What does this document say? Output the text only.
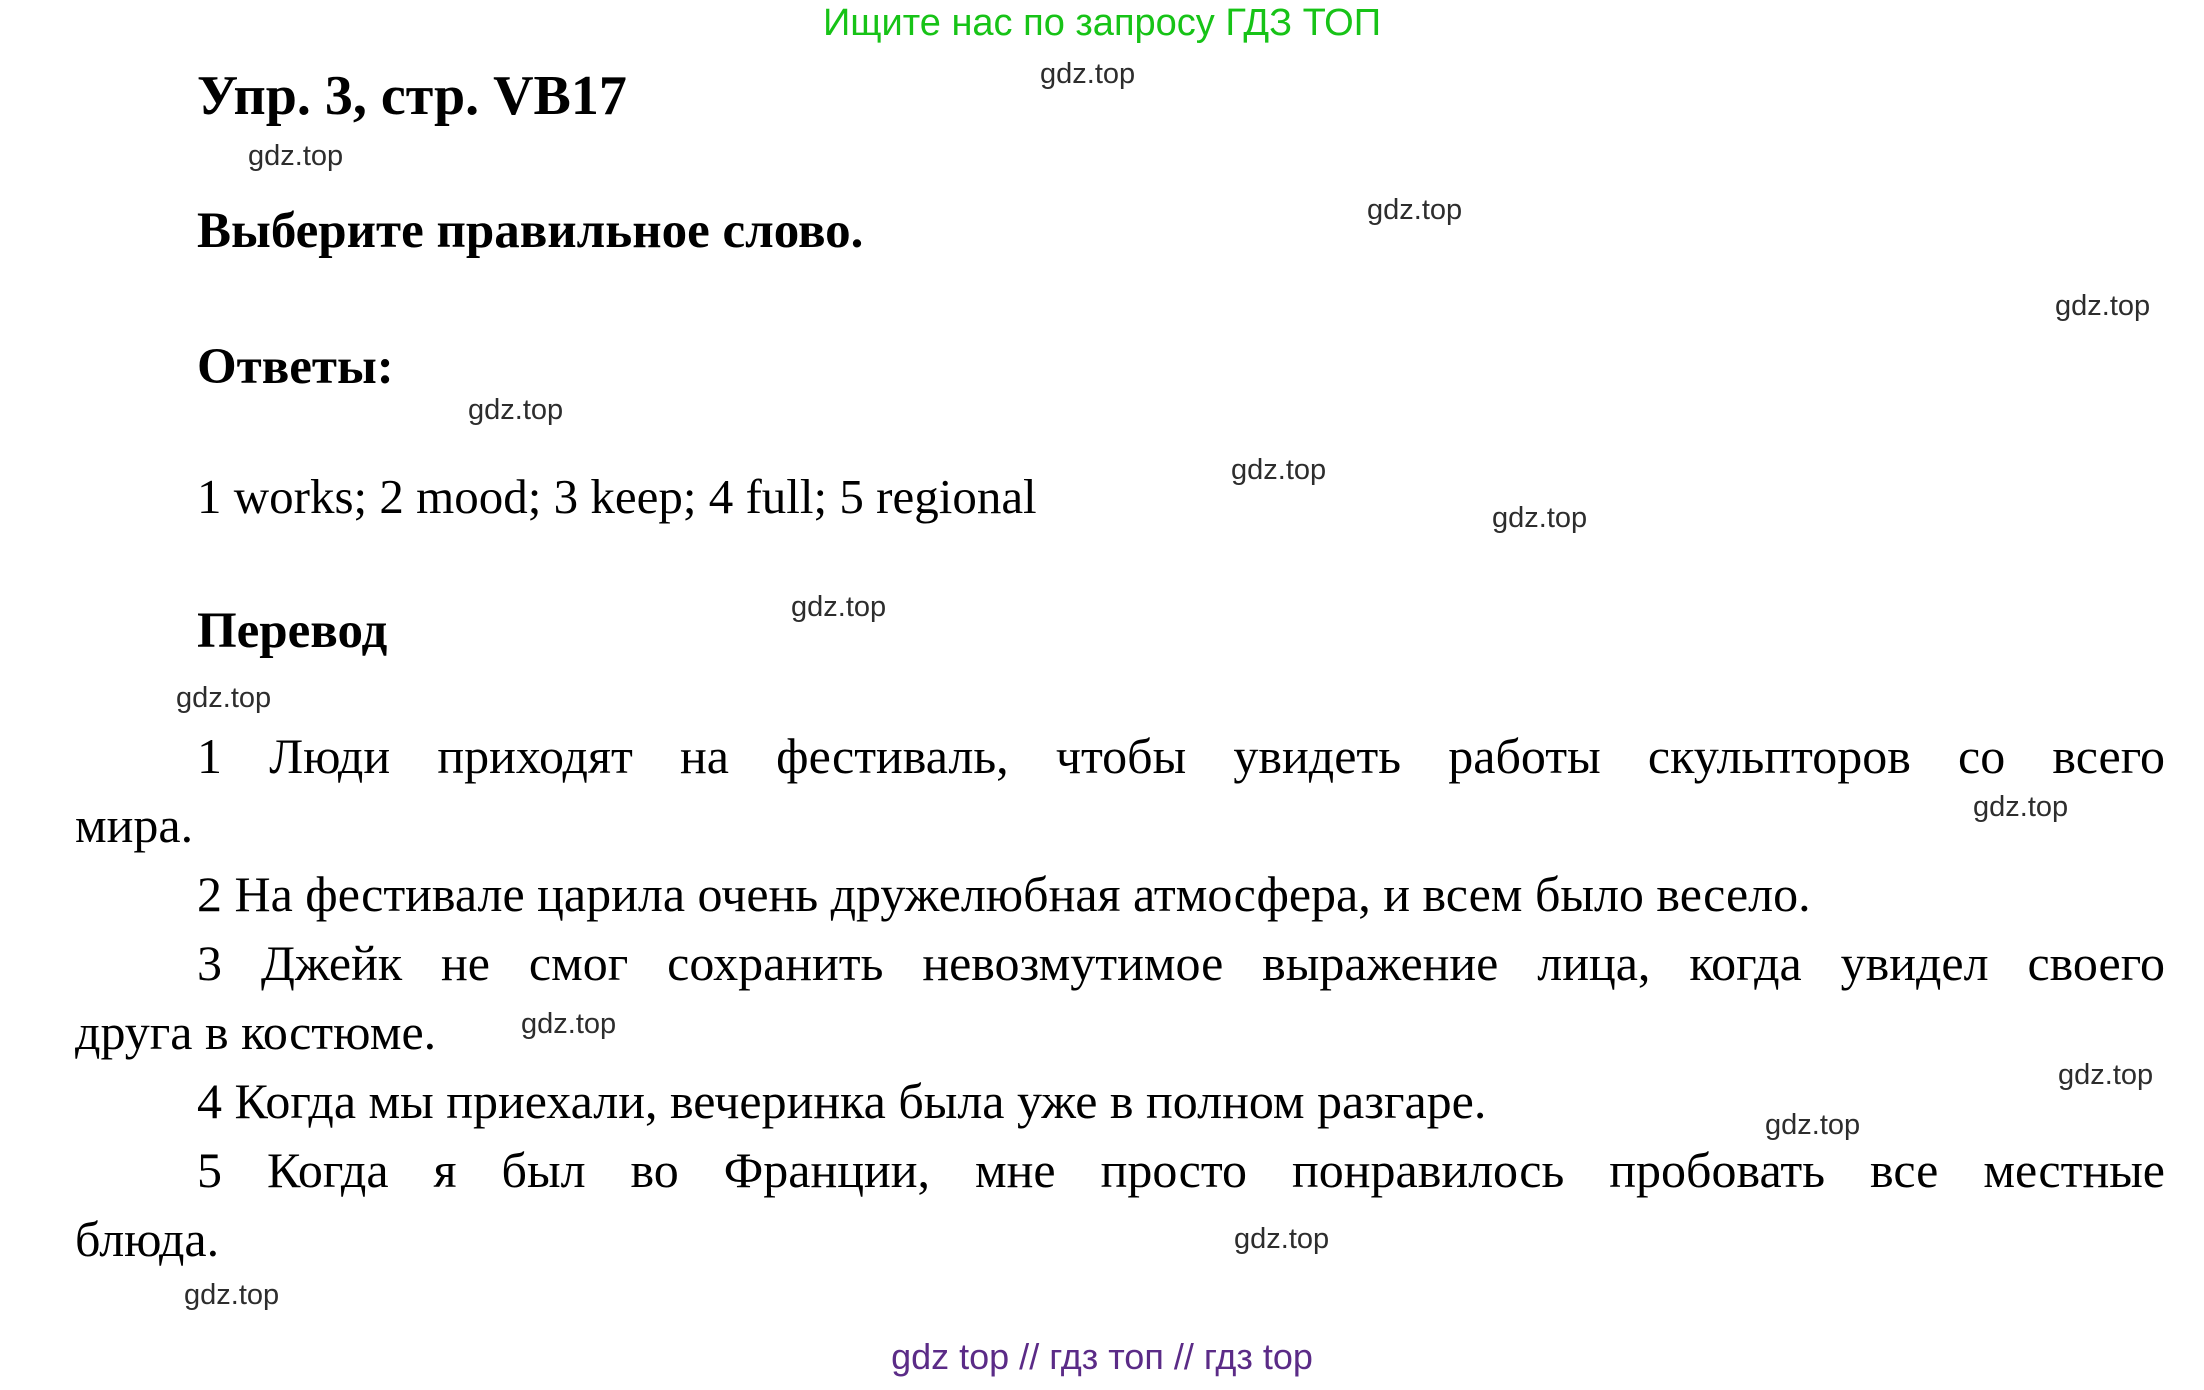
Ищите нас по запросу ГДЗ ТОП
gdz.top
gdz.top
gdz.top
gdz.top
gdz.top
gdz.top
gdz.top
gdz.top
gdz.top
gdz.top
gdz.top
gdz.top
gdz.top
gdz.top
gdz.top
Упр. 3, стр. VB17
Выберите правильное слово.
Ответы:
1 works; 2 mood; 3 keep; 4 full; 5 regional
Перевод
1 Люди приходят на фестиваль, чтобы увидеть работы скульпторов со всего
мира.
2 На фестивале царила очень дружелюбная атмосфера, и всем было весело.
3 Джейк не смог сохранить невозмутимое выражение лица, когда увидел своего
друга в костюме.
4 Когда мы приехали, вечеринка была уже в полном разгаре.
5 Когда я был во Франции, мне просто понравилось пробовать все местные
блюда.
gdz top // гдз топ // гдз top
